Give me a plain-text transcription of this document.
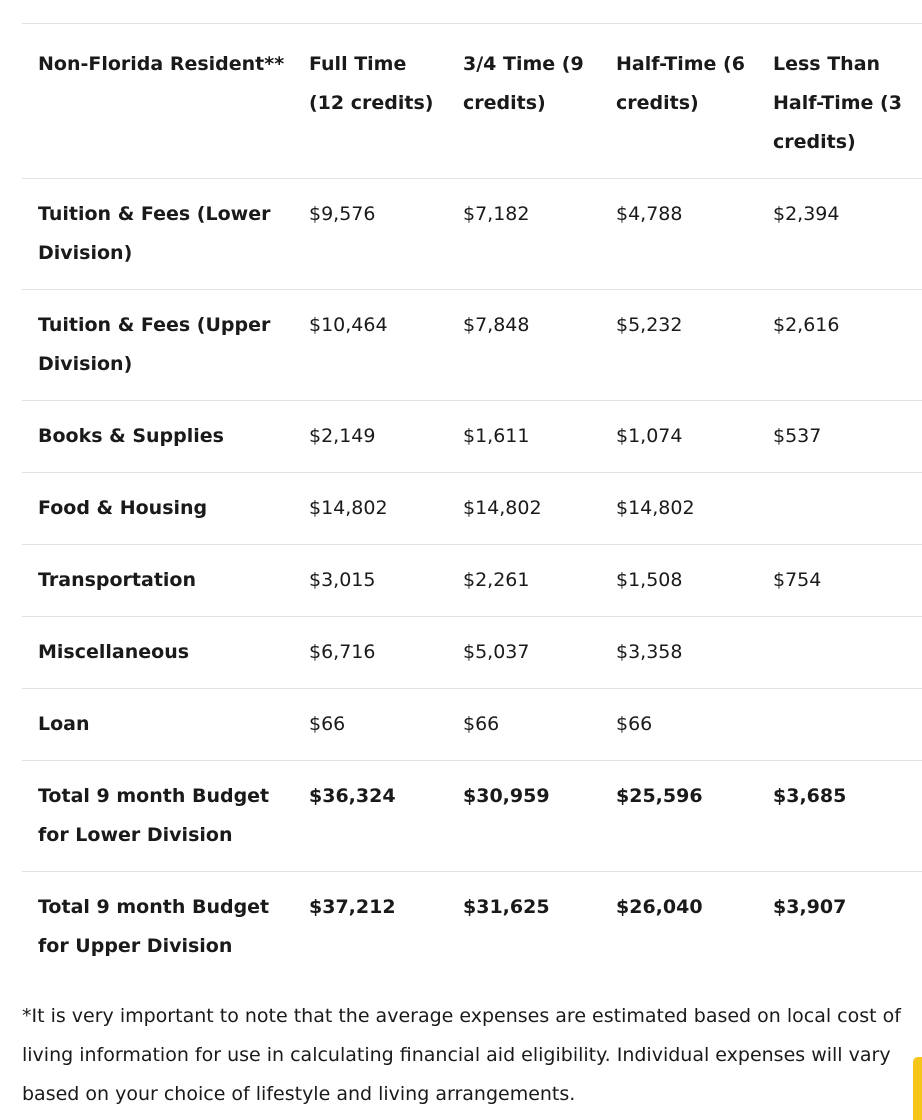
Non-Florida Resident**	Full Time (12 credits)	3/4 Time (9 credits)	Half-Time (6 credits)	Less Than Half-Time (3 credits)
Tuition & Fees (Lower Division)	$9,576	$7,182	$4,788	$2,394
Tuition & Fees (Upper Division)	$10,464	$7,848	$5,232	$2,616
Books & Supplies	$2,149	$1,611	$1,074	$537
Food & Housing	$14,802	$14,802	$14,802	
Transportation	$3,015	$2,261	$1,508	$754
Miscellaneous	$6,716	$5,037	$3,358	
Loan	$66	$66	$66	
Total 9 month Budget for Lower Division	$36,324	$30,959	$25,596	$3,685
Total 9 month Budget for Upper Division	$37,212	$31,625	$26,040	$3,907

*It is very important to note that the average expenses are estimated based on local cost of living information for use in calculating financial aid eligibility. Individual expenses will vary based on your choice of lifestyle and living arrangements.
